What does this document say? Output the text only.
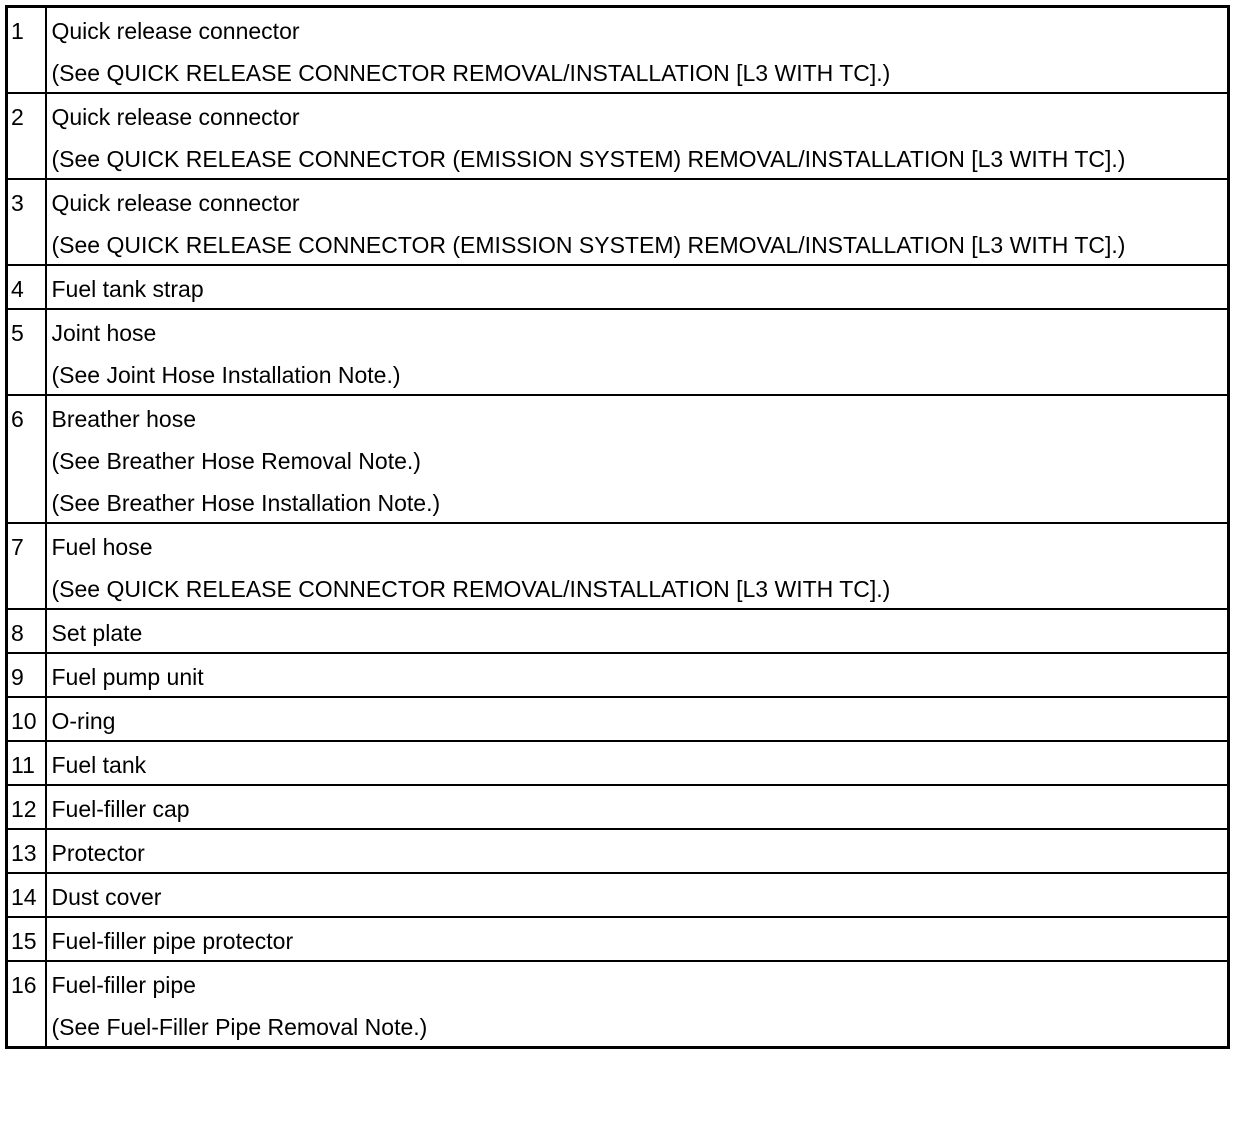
1	Quick release connector
(See QUICK RELEASE CONNECTOR REMOVAL/INSTALLATION [L3 WITH TC].)

2	Quick release connector
(See QUICK RELEASE CONNECTOR (EMISSION SYSTEM) REMOVAL/INSTALLATION [L3 WITH TC].)

3	Quick release connector
(See QUICK RELEASE CONNECTOR (EMISSION SYSTEM) REMOVAL/INSTALLATION [L3 WITH TC].)

4	Fuel tank strap

5	Joint hose
(See Joint Hose Installation Note.)

6	Breather hose
(See Breather Hose Removal Note.)
(See Breather Hose Installation Note.)

7	Fuel hose
(See QUICK RELEASE CONNECTOR REMOVAL/INSTALLATION [L3 WITH TC].)

8	Set plate

9	Fuel pump unit

10	O-ring

11	Fuel tank

12	Fuel-filler cap

13	Protector

14	Dust cover

15	Fuel-filler pipe protector

16	Fuel-filler pipe
(See Fuel-Filler Pipe Removal Note.)
